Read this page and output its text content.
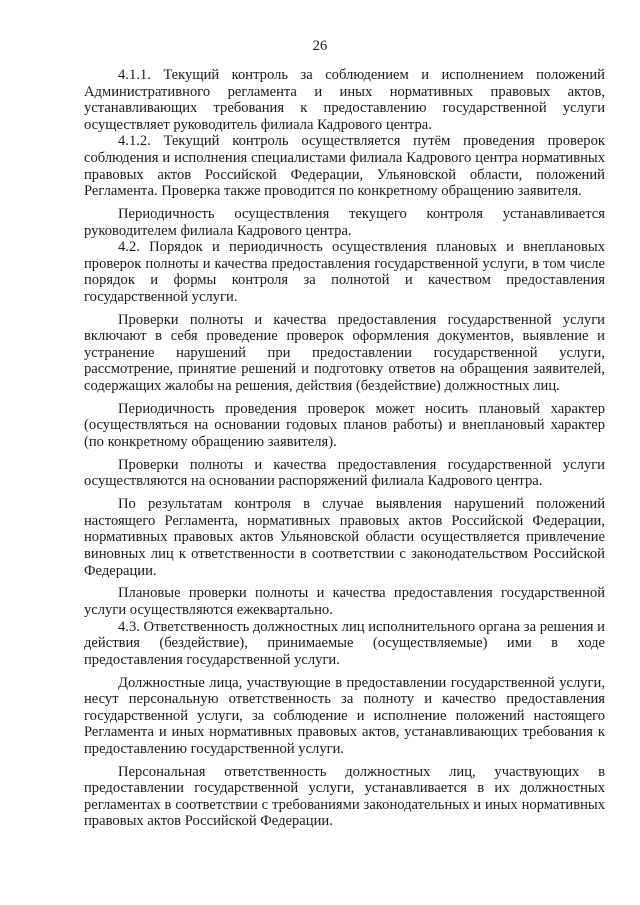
26

4.1.1. Текущий контроль за соблюдением и исполнением положений Административного регламента и иных нормативных правовых актов, устанавливающих требования к предоставлению государственной услуги осуществляет руководитель филиала Кадрового центра.

4.1.2. Текущий контроль осуществляется путём проведения проверок соблюдения и исполнения специалистами филиала Кадрового центра нормативных правовых актов Российской Федерации, Ульяновской области, положений Регламента. Проверка также проводится по конкретному обращению заявителя.

Периодичность осуществления текущего контроля устанавливается руководителем филиала Кадрового центра.

4.2. Порядок и периодичность осуществления плановых и внеплановых проверок полноты и качества предоставления государственной услуги, в том числе порядок и формы контроля за полнотой и качеством предоставления государственной услуги.

Проверки полноты и качества предоставления государственной услуги включают в себя проведение проверок оформления документов, выявление и устранение нарушений при предоставлении государственной услуги, рассмотрение, принятие решений и подготовку ответов на обращения заявителей, содержащих жалобы на решения, действия (бездействие) должностных лиц.

Периодичность проведения проверок может носить плановый характер (осуществляться на основании годовых планов работы) и внеплановый характер (по конкретному обращению заявителя).

Проверки полноты и качества предоставления государственной услуги осуществляются на основании распоряжений филиала Кадрового центра.

По результатам контроля в случае выявления нарушений положений настоящего Регламента, нормативных правовых актов Российской Федерации, нормативных правовых актов Ульяновской области осуществляется привлечение виновных лиц к ответственности в соответствии с законодательством Российской Федерации.

Плановые проверки полноты и качества предоставления государственной услуги осуществляются ежеквартально.

4.3. Ответственность должностных лиц исполнительного органа за решения и действия (бездействие), принимаемые (осуществляемые) ими в ходе предоставления государственной услуги.

Должностные лица, участвующие в предоставлении государственной услуги, несут персональную ответственность за полноту и качество предоставления государственной услуги, за соблюдение и исполнение положений настоящего Регламента и иных нормативных правовых актов, устанавливающих требования к предоставлению государственной услуги.

Персональная ответственность должностных лиц, участвующих в предоставлении государственной услуги, устанавливается в их должностных регламентах в соответствии с требованиями законодательных и иных нормативных правовых актов Российской Федерации.
